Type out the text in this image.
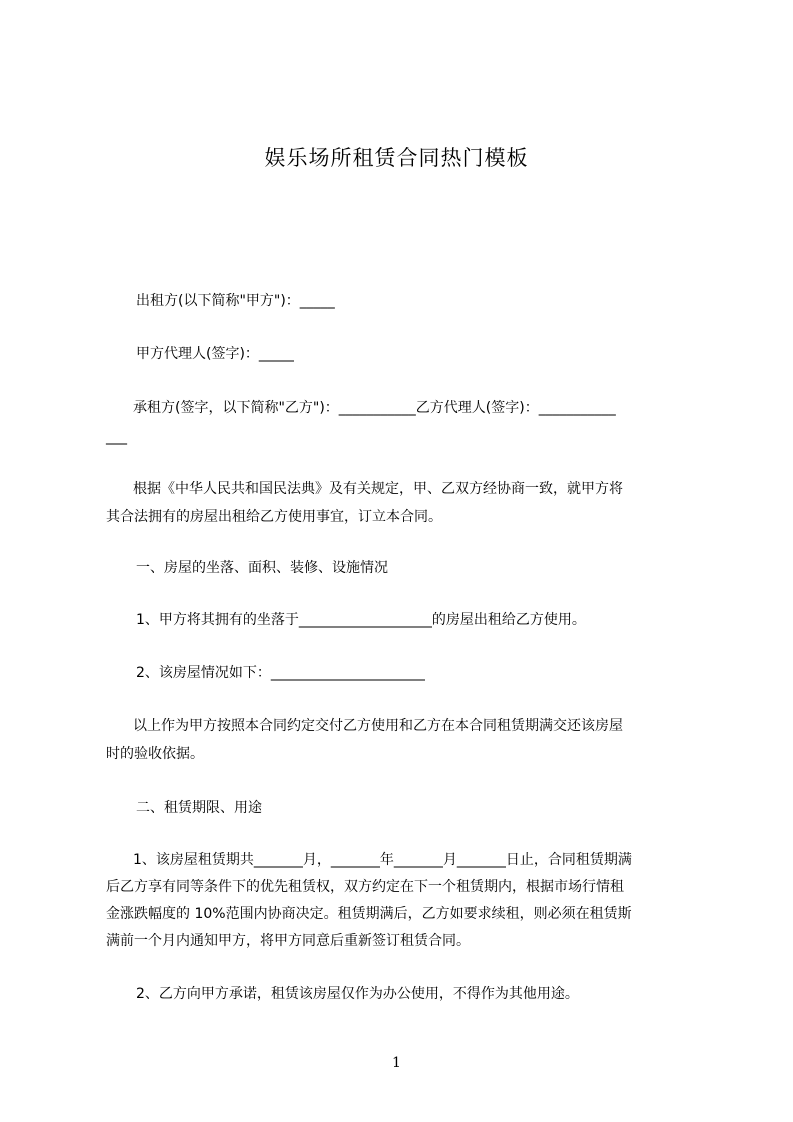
娱乐场所租赁合同热门模板
出租方(以下简称"甲方")：_____
甲方代理人(签字)：_____
承租方(签字，以下简称"乙方")：___________乙方代理人(签字)：___________
___
根据《中华人民共和国民法典》及有关规定，甲、乙双方经协商一致，就甲方将
其合法拥有的房屋出租给乙方使用事宜，订立本合同。
一、房屋的坐落、面积、装修、设施情况
1、甲方将其拥有的坐落于___________________的房屋出租给乙方使用。
2、该房屋情况如下：______________________
以上作为甲方按照本合同约定交付乙方使用和乙方在本合同租赁期满交还该房屋
时的验收依据。
二、租赁期限、用途
1、该房屋租赁期共_______月，_______年_______月_______日止，合同租赁期满
后乙方享有同等条件下的优先租赁权，双方约定在下一个租赁期内，根据市场行情租
金涨跌幅度的 10%范围内协商决定。租赁期满后，乙方如要求续租，则必须在租赁斯
满前一个月内通知甲方，将甲方同意后重新签订租赁合同。
2、乙方向甲方承诺，租赁该房屋仅作为办公使用，不得作为其他用途。
1
